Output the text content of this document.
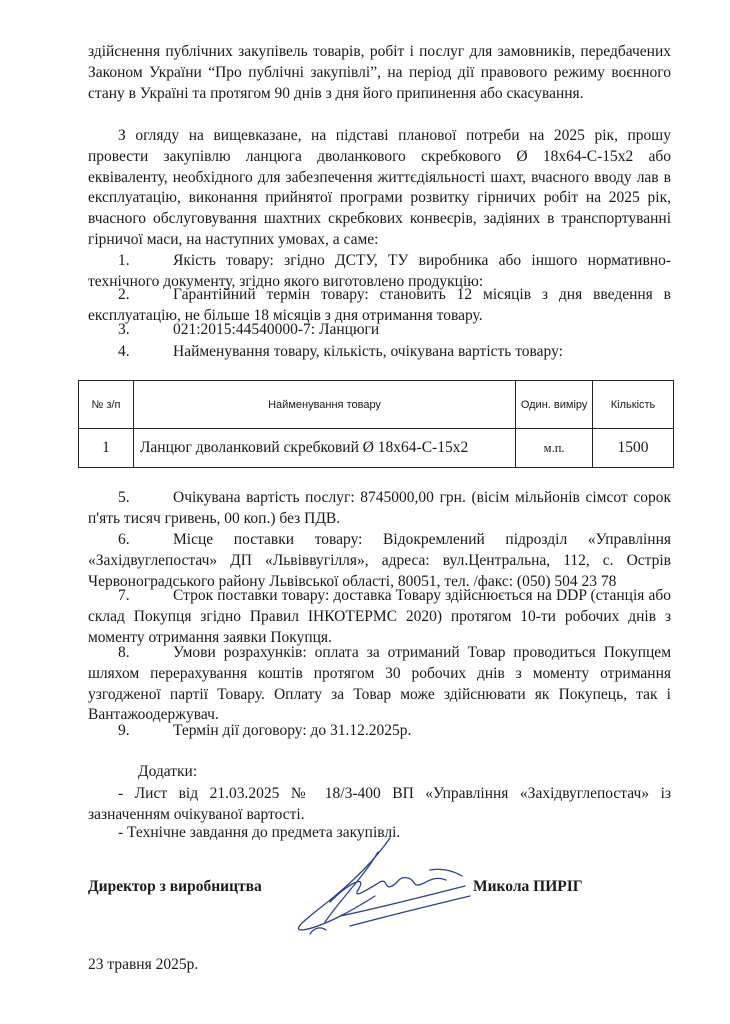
здійснення публічних закупівель товарів, робіт і послуг для замовників, передбачених Законом України “Про публічні закупівлі”, на період дії правового режиму воєнного стану в Україні та протягом 90 днів з дня його припинення або скасування.

З огляду на вищевказане, на підставі планової потреби на 2025 рік, прошу провести закупівлю ланцюга дволанкового скребкового Ø 18х64-С-15х2 або еквіваленту, необхідного для забезпечення життєдіяльності шахт, вчасного вводу лав в експлуатацію, виконання прийнятої програми розвитку гірничих робіт на 2025 рік, вчасного обслуговування шахтних скребкових конвеєрів, задіяних в транспортуванні гірничої маси, на наступних умовах, а саме:

1.	Якість товару: згідно ДСТУ, ТУ виробника або іншого нормативно-технічного документу, згідно якого виготовлено продукцію:

2.	Гарантійний термін товару: становить 12 місяців з дня введення в експлуатацію, не більше 18 місяців з дня отримання товару.

3.	021:2015:44540000-7: Ланцюги

4.	Найменування товару, кількість, очікувана вартість товару:

№ з/п	Найменування товару	Один. виміру	Кількість
1	Ланцюг дволанковий скребковий Ø 18х64-С-15х2	м.п.	1500

5.	Очікувана вартість послуг: 8745000,00 грн. (вісім мільйонів сімсот сорок п'ять тисяч гривень, 00 коп.) без ПДВ.

6.	Місце поставки товару: Відокремлений підрозділ «Управління «Західвуглепостач» ДП «Львіввугілля», адреса: вул.Центральна, 112, с. Острів Червоноградського району Львівської області, 80051, тел. /факс: (050) 504 23 78

7.	Строк поставки товару: доставка Товару здійснюється на DDP (станція або склад Покупця згідно Правил ІНКОТЕРМС 2020) протягом 10-ти робочих днів з моменту отримання заявки Покупця.

8.	Умови розрахунків: оплата за отриманий Товар проводиться Покупцем шляхом перерахування коштів протягом 30 робочих днів з моменту отримання узгодженої партії Товару. Оплату за Товар може здійснювати як Покупець, так і Вантажоодержувач.

9.	Термін дії договору: до 31.12.2025р.

Додатки:

- Лист від 21.03.2025 № 18/3-400 ВП «Управління «Західвуглепостач» із зазначенням очікуваної вартості.

- Технічне завдання до предмета закупівлі.

Директор з виробництва	Микола ПИРІГ
23 травня 2025р.
